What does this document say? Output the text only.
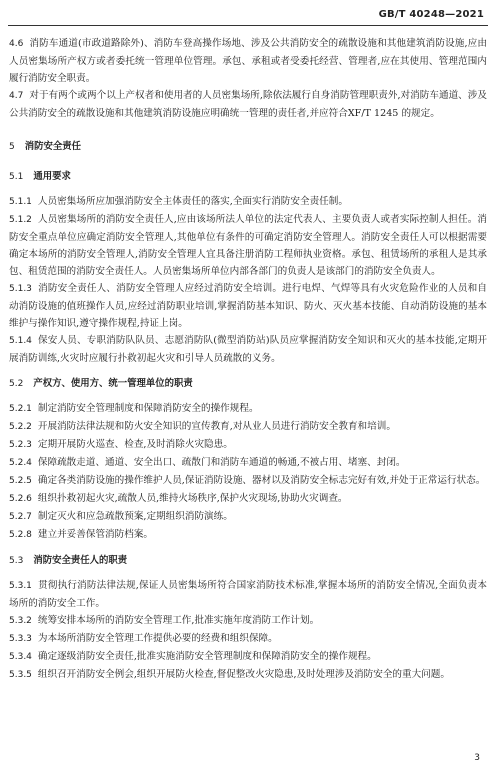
GB/T 40248—2021

4.6 消防车通道(市政道路除外)、消防车登高操作场地、涉及公共消防安全的疏散设施和其他建筑消防设施,应由人员密集场所产权方或者委托统一管理单位管理。承包、承租或者受委托经营、管理者,应在其使用、管理范围内履行消防安全职责。

4.7 对于有两个或两个以上产权者和使用者的人员密集场所,除依法履行自身消防管理职责外,对消防车通道、涉及公共消防安全的疏散设施和其他建筑消防设施应明确统一管理的责任者,并应符合XF/T 1245 的规定。

5 消防安全责任

5.1 通用要求

5.1.1 人员密集场所应加强消防安全主体责任的落实,全面实行消防安全责任制。

5.1.2 人员密集场所的消防安全责任人,应由该场所法人单位的法定代表人、主要负责人或者实际控制人担任。消防安全重点单位应确定消防安全管理人,其他单位有条件的可确定消防安全管理人。消防安全责任人可以根据需要确定本场所的消防安全管理人,消防安全管理人宜具备注册消防工程师执业资格。承包、租赁场所的承租人是其承包、租赁范围的消防安全责任人。人员密集场所单位内部各部门的负责人是该部门的消防安全负责人。

5.1.3 消防安全责任人、消防安全管理人应经过消防安全培训。进行电焊、气焊等具有火灾危险作业的人员和自动消防设施的值班操作人员,应经过消防职业培训,掌握消防基本知识、防火、灭火基本技能、自动消防设施的基本维护与操作知识,遵守操作规程,持证上岗。

5.1.4 保安人员、专职消防队队员、志愿消防队(微型消防站)队员应掌握消防安全知识和灭火的基本技能,定期开展消防训练,火灾时应履行扑救初起火灾和引导人员疏散的义务。

5.2 产权方、使用方、统一管理单位的职责

5.2.1 制定消防安全管理制度和保障消防安全的操作规程。

5.2.2 开展消防法律法规和防火安全知识的宣传教育,对从业人员进行消防安全教育和培训。

5.2.3 定期开展防火巡查、检查,及时消除火灾隐患。

5.2.4 保障疏散走道、通道、安全出口、疏散门和消防车通道的畅通,不被占用、堵塞、封闭。

5.2.5 确定各类消防设施的操作维护人员,保证消防设施、器材以及消防安全标志完好有效,并处于正常运行状态。

5.2.6 组织扑救初起火灾,疏散人员,维持火场秩序,保护火灾现场,协助火灾调查。

5.2.7 制定灭火和应急疏散预案,定期组织消防演练。

5.2.8 建立并妥善保管消防档案。

5.3 消防安全责任人的职责

5.3.1 贯彻执行消防法律法规,保证人员密集场所符合国家消防技术标准,掌握本场所的消防安全情况,全面负责本场所的消防安全工作。

5.3.2 统筹安排本场所的消防安全管理工作,批准实施年度消防工作计划。

5.3.3 为本场所消防安全管理工作提供必要的经费和组织保障。

5.3.4 确定逐级消防安全责任,批准实施消防安全管理制度和保障消防安全的操作规程。

5.3.5 组织召开消防安全例会,组织开展防火检查,督促整改火灾隐患,及时处理涉及消防安全的重大问题。

3
